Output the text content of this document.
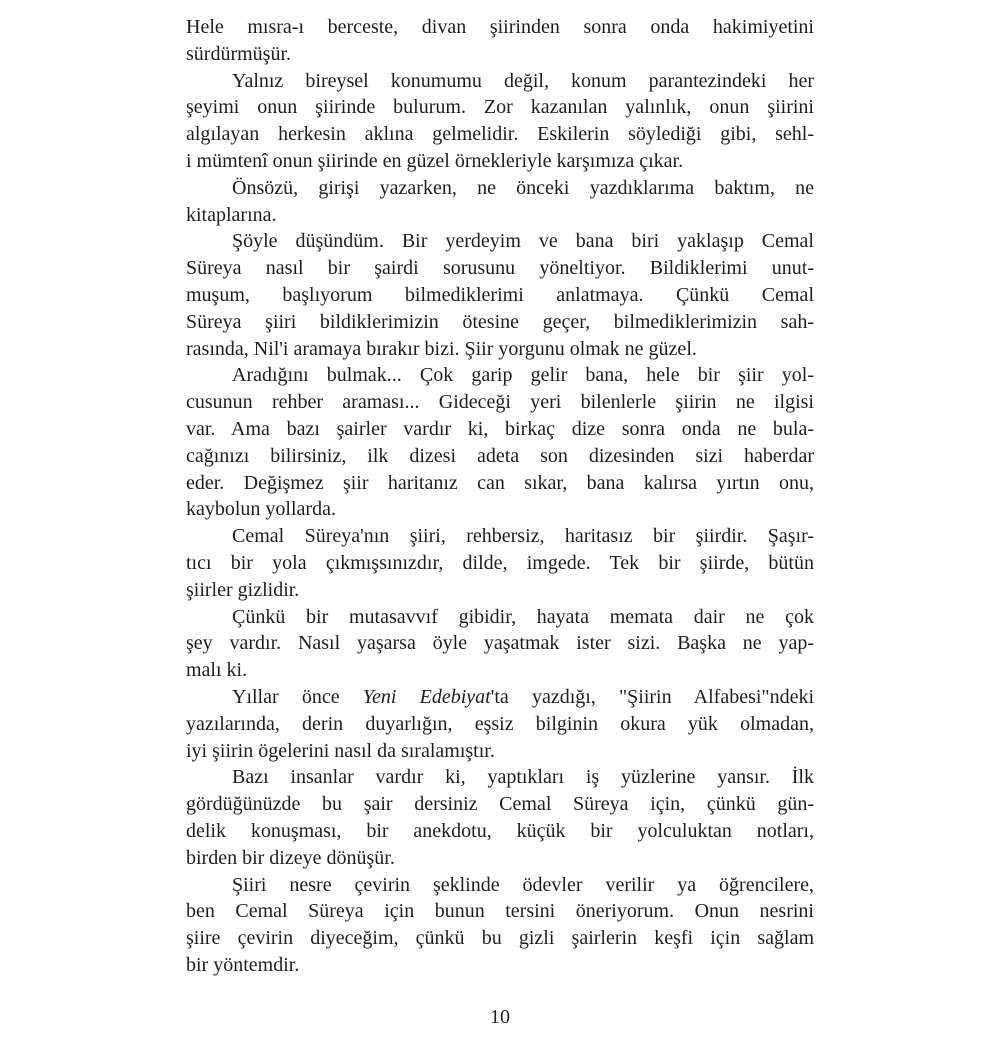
Hele mısra-ı berceste, divan şiirinden sonra onda hakimiyetini
sürdürmüşür.
Yalnız bireysel konumumu değil, konum parantezindeki her
şeyimi onun şiirinde bulurum. Zor kazanılan yalınlık, onun şiirini
algılayan herkesin aklına gelmelidir. Eskilerin söylediği gibi, sehl-
i mümtenî onun şiirinde en güzel örnekleriyle karşımıza çıkar.
Önsözü, girişi yazarken, ne önceki yazdıklarıma baktım, ne
kitaplarına.
Şöyle düşündüm. Bir yerdeyim ve bana biri yaklaşıp Cemal
Süreya nasıl bir şairdi sorusunu yöneltiyor. Bildiklerimi unut-
muşum, başlıyorum bilmediklerimi anlatmaya. Çünkü Cemal
Süreya şiiri bildiklerimizin ötesine geçer, bilmediklerimizin sah-
rasında, Nil'i aramaya bırakır bizi. Şiir yorgunu olmak ne güzel.
Aradığını bulmak... Çok garip gelir bana, hele bir şiir yol-
cusunun rehber araması... Gideceği yeri bilenlerle şiirin ne ilgisi
var. Ama bazı şairler vardır ki, birkaç dize sonra onda ne bula-
cağınızı bilirsiniz, ilk dizesi adeta son dizesinden sizi haberdar
eder. Değişmez şiir haritanız can sıkar, bana kalırsa yırtın onu,
kaybolun yollarda.
Cemal Süreya'nın şiiri, rehbersiz, haritasız bir şiirdir. Şaşır-
tıcı bir yola çıkmışsınızdır, dilde, imgede. Tek bir şiirde, bütün
şiirler gizlidir.
Çünkü bir mutasavvıf gibidir, hayata memata dair ne çok
şey vardır. Nasıl yaşarsa öyle yaşatmak ister sizi. Başka ne yap-
malı ki.
Yıllar önce Yeni Edebiyat'ta yazdığı, "Şiirin Alfabesi"ndeki
yazılarında, derin duyarlığın, eşsiz bilginin okura yük olmadan,
iyi şiirin ögelerini nasıl da sıralamıştır.
Bazı insanlar vardır ki, yaptıkları iş yüzlerine yansır. İlk
gördüğünüzde bu şair dersiniz Cemal Süreya için, çünkü gün-
delik konuşması, bir anekdotu, küçük bir yolculuktan notları,
birden bir dizeye dönüşür.
Şiiri nesre çevirin şeklinde ödevler verilir ya öğrencilere,
ben Cemal Süreya için bunun tersini öneriyorum. Onun nesrini
şiire çevirin diyeceğim, çünkü bu gizli şairlerin keşfi için sağlam
bir yöntemdir.
10
